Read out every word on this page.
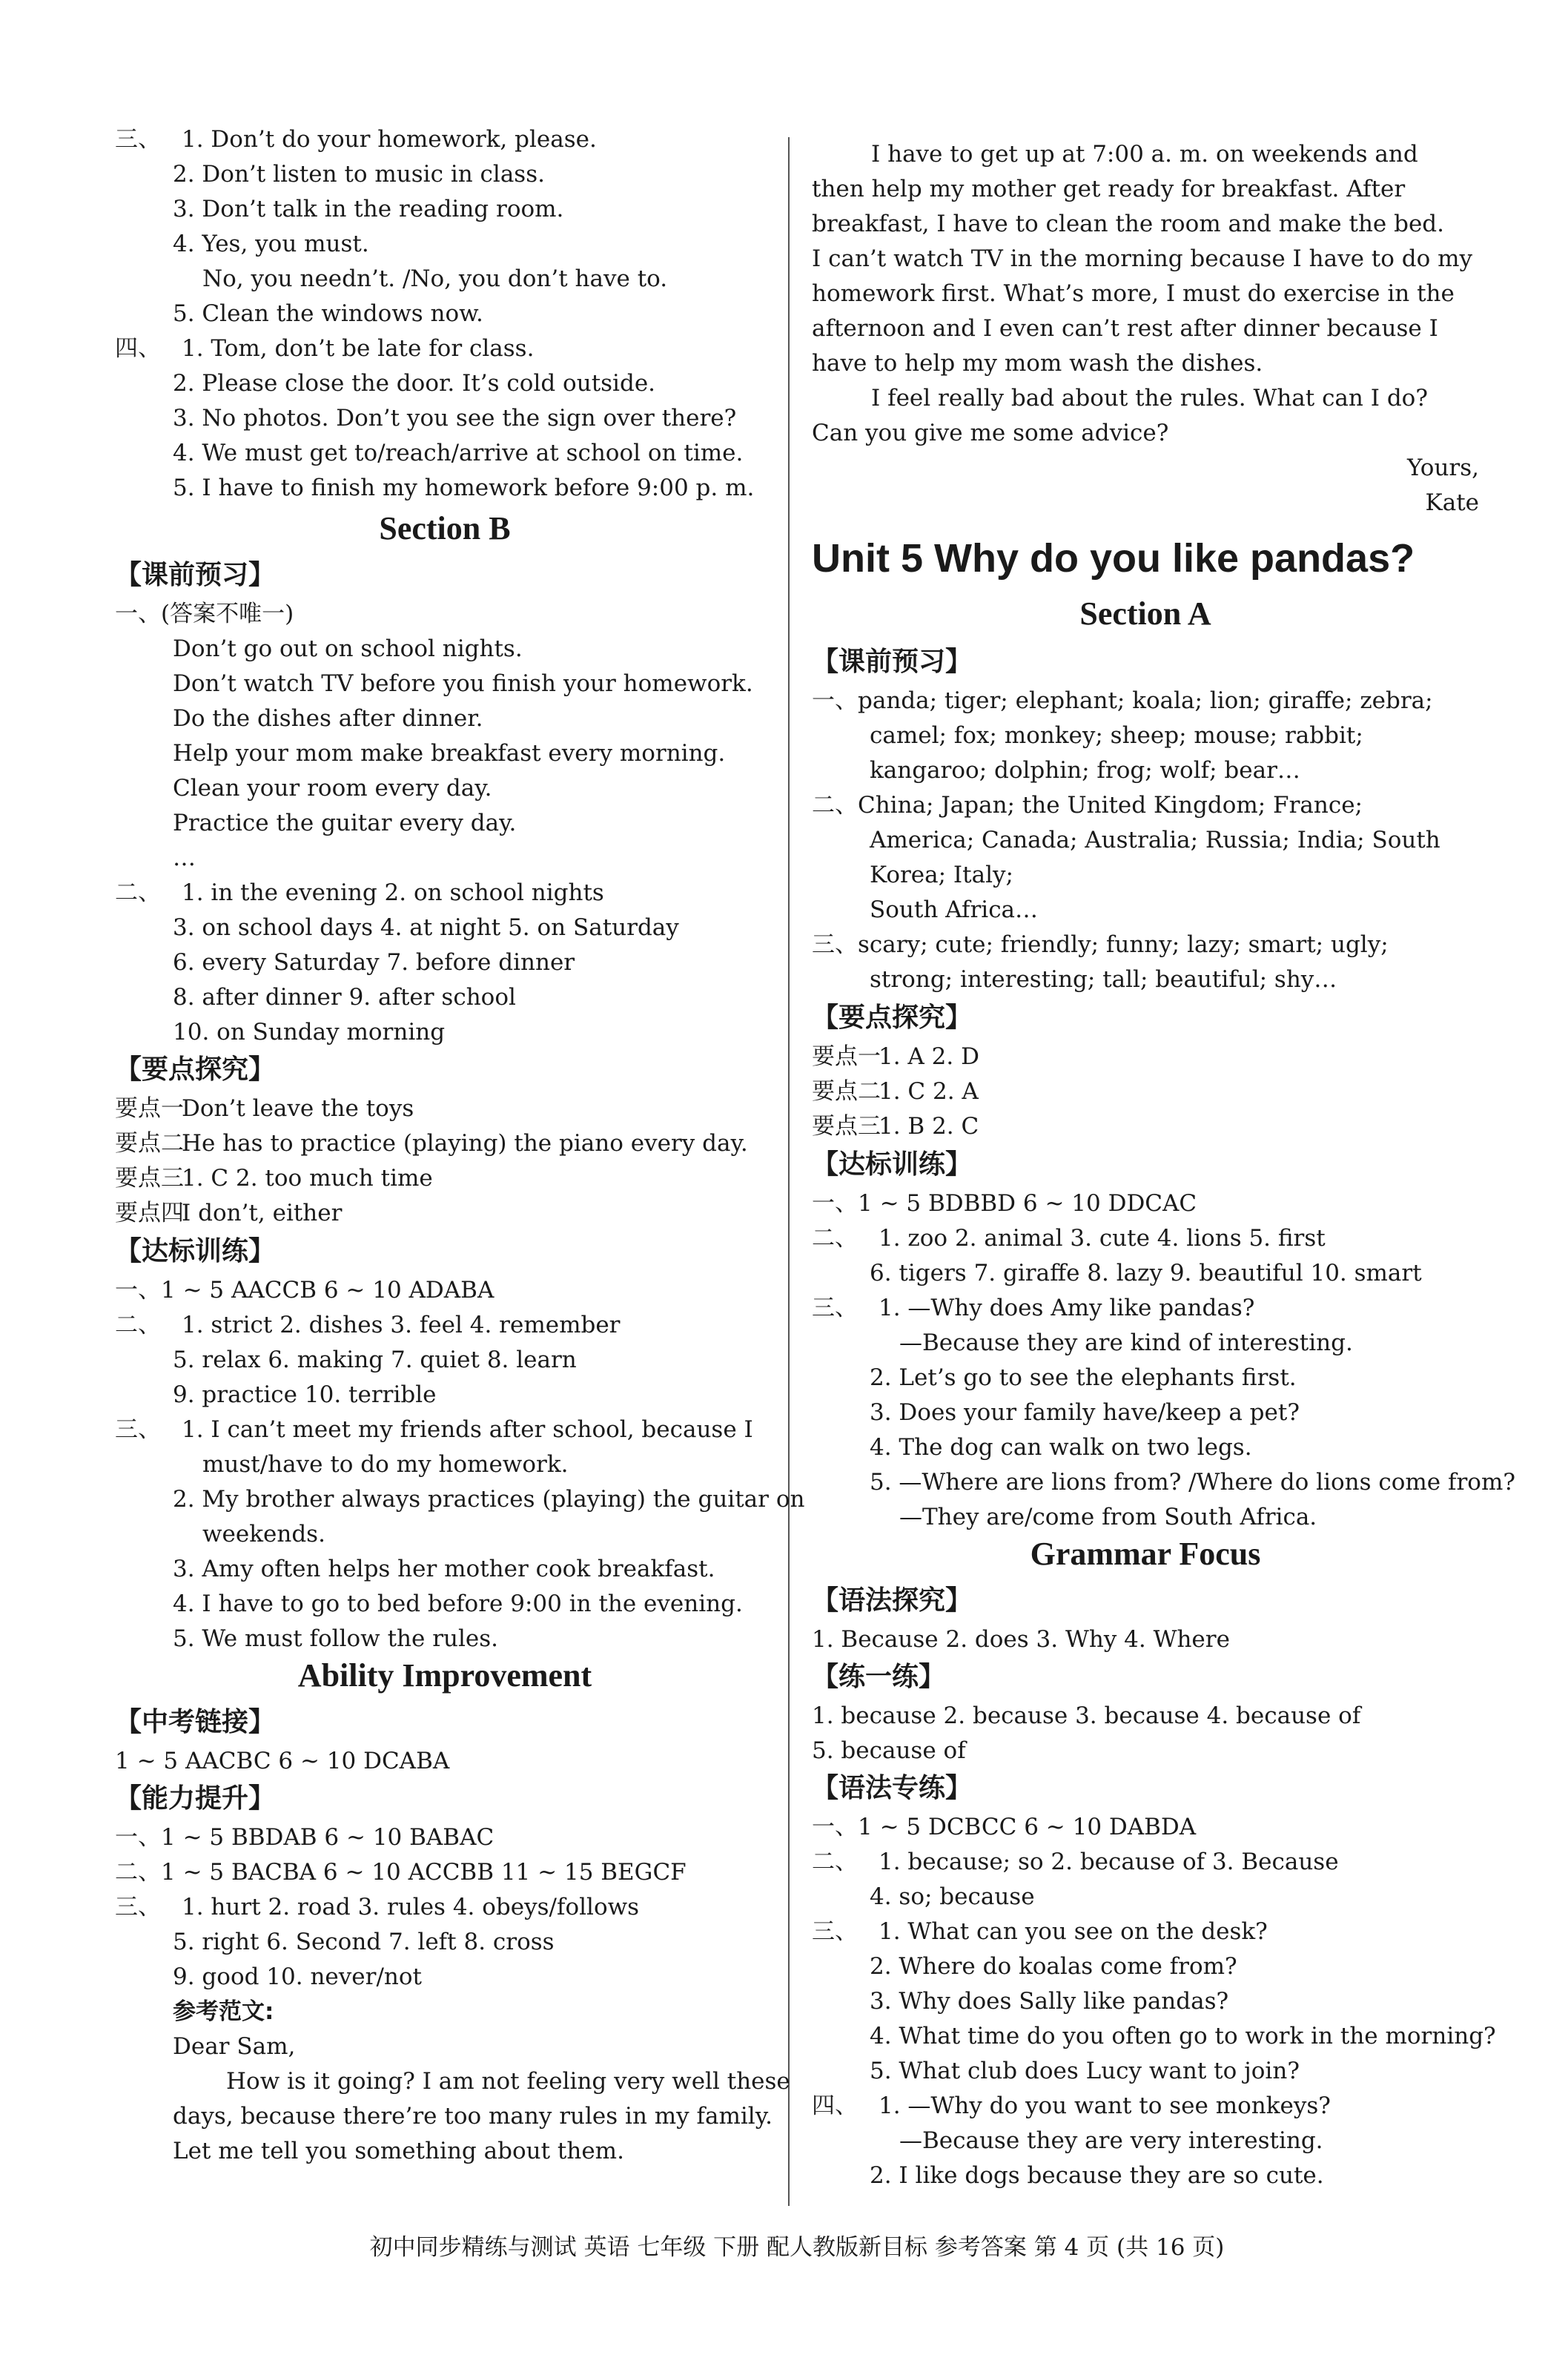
三、 1. Don’t do your homework, please.
2. Don’t listen to music in class.
3. Don’t talk in the reading room.
4. Yes, you must.
No, you needn’t. /No, you don’t have to.
5. Clean the windows now.
四、 1. Tom, don’t be late for class.
2. Please close the door. It’s cold outside.
3. No photos. Don’t you see the sign over there?
4. We must get to/reach/arrive at school on time.
5. I have to finish my homework before 9:00 p. m.
Section B
【课前预习】
一、(答案不唯一)
Don’t go out on school nights.
Don’t watch TV before you finish your homework.
Do the dishes after dinner.
Help your mom make breakfast every morning.
Clean your room every day.
Practice the guitar every day.
…
二、 1. in the evening 2. on school nights
3. on school days 4. at night 5. on Saturday
6. every Saturday 7. before dinner
8. after dinner 9. after school
10. on Sunday morning
【要点探究】
要点一Don’t leave the toys
要点二He has to practice (playing) the piano every day.
要点三1. C 2. too much time
要点四I don’t, either
【达标训练】
一、1 ~ 5 AACCB 6 ~ 10 ADABA
二、 1. strict 2. dishes 3. feel 4. remember
5. relax 6. making 7. quiet 8. learn
9. practice 10. terrible
三、 1. I can’t meet my friends after school, because I
must/have to do my homework.
2. My brother always practices (playing) the guitar on
weekends.
3. Amy often helps her mother cook breakfast.
4. I have to go to bed before 9:00 in the evening.
5. We must follow the rules.
Ability Improvement
【中考链接】
1 ~ 5 AACBC 6 ~ 10 DCABA
【能力提升】
一、1 ~ 5 BBDAB 6 ~ 10 BABAC
二、1 ~ 5 BACBA 6 ~ 10 ACCBB 11 ~ 15 BEGCF
三、 1. hurt 2. road 3. rules 4. obeys/follows
5. right 6. Second 7. left 8. cross
9. good 10. never/not
参考范文:
Dear Sam,
How is it going? I am not feeling very well these
days, because there’re too many rules in my family.
Let me tell you something about them.
I have to get up at 7:00 a. m. on weekends and
then help my mother get ready for breakfast. After
breakfast, I have to clean the room and make the bed.
I can’t watch TV in the morning because I have to do my
homework first. What’s more, I must do exercise in the
afternoon and I even can’t rest after dinner because I
have to help my mom wash the dishes.
I feel really bad about the rules. What can I do?
Can you give me some advice?
Yours,
Kate
Unit 5 Why do you like pandas?
Section A
【课前预习】
一、panda; tiger; elephant; koala; lion; giraffe; zebra;
camel; fox; monkey; sheep; mouse; rabbit;
kangaroo; dolphin; frog; wolf; bear…
二、China; Japan; the United Kingdom; France;
America; Canada; Australia; Russia; India; South
Korea; Italy;
South Africa…
三、scary; cute; friendly; funny; lazy; smart; ugly;
strong; interesting; tall; beautiful; shy…
【要点探究】
要点一1. A 2. D
要点二1. C 2. A
要点三1. B 2. C
【达标训练】
一、1 ~ 5 BDBBD 6 ~ 10 DDCAC
二、 1. zoo 2. animal 3. cute 4. lions 5. first
6. tigers 7. giraffe 8. lazy 9. beautiful 10. smart
三、 1. —Why does Amy like pandas?
—Because they are kind of interesting.
2. Let’s go to see the elephants first.
3. Does your family have/keep a pet?
4. The dog can walk on two legs.
5. —Where are lions from? /Where do lions come from?
—They are/come from South Africa.
Grammar Focus
【语法探究】
1. Because 2. does 3. Why 4. Where
【练一练】
1. because 2. because 3. because 4. because of
5. because of
【语法专练】
一、1 ~ 5 DCBCC 6 ~ 10 DABDA
二、 1. because; so 2. because of 3. Because
4. so; because
三、 1. What can you see on the desk?
2. Where do koalas come from?
3. Why does Sally like pandas?
4. What time do you often go to work in the morning?
5. What club does Lucy want to join?
四、 1. —Why do you want to see monkeys?
—Because they are very interesting.
2. I like dogs because they are so cute.
初中同步精练与测试 英语 七年级 下册 配人教版新目标 参考答案 第 4 页 (共 16 页)
